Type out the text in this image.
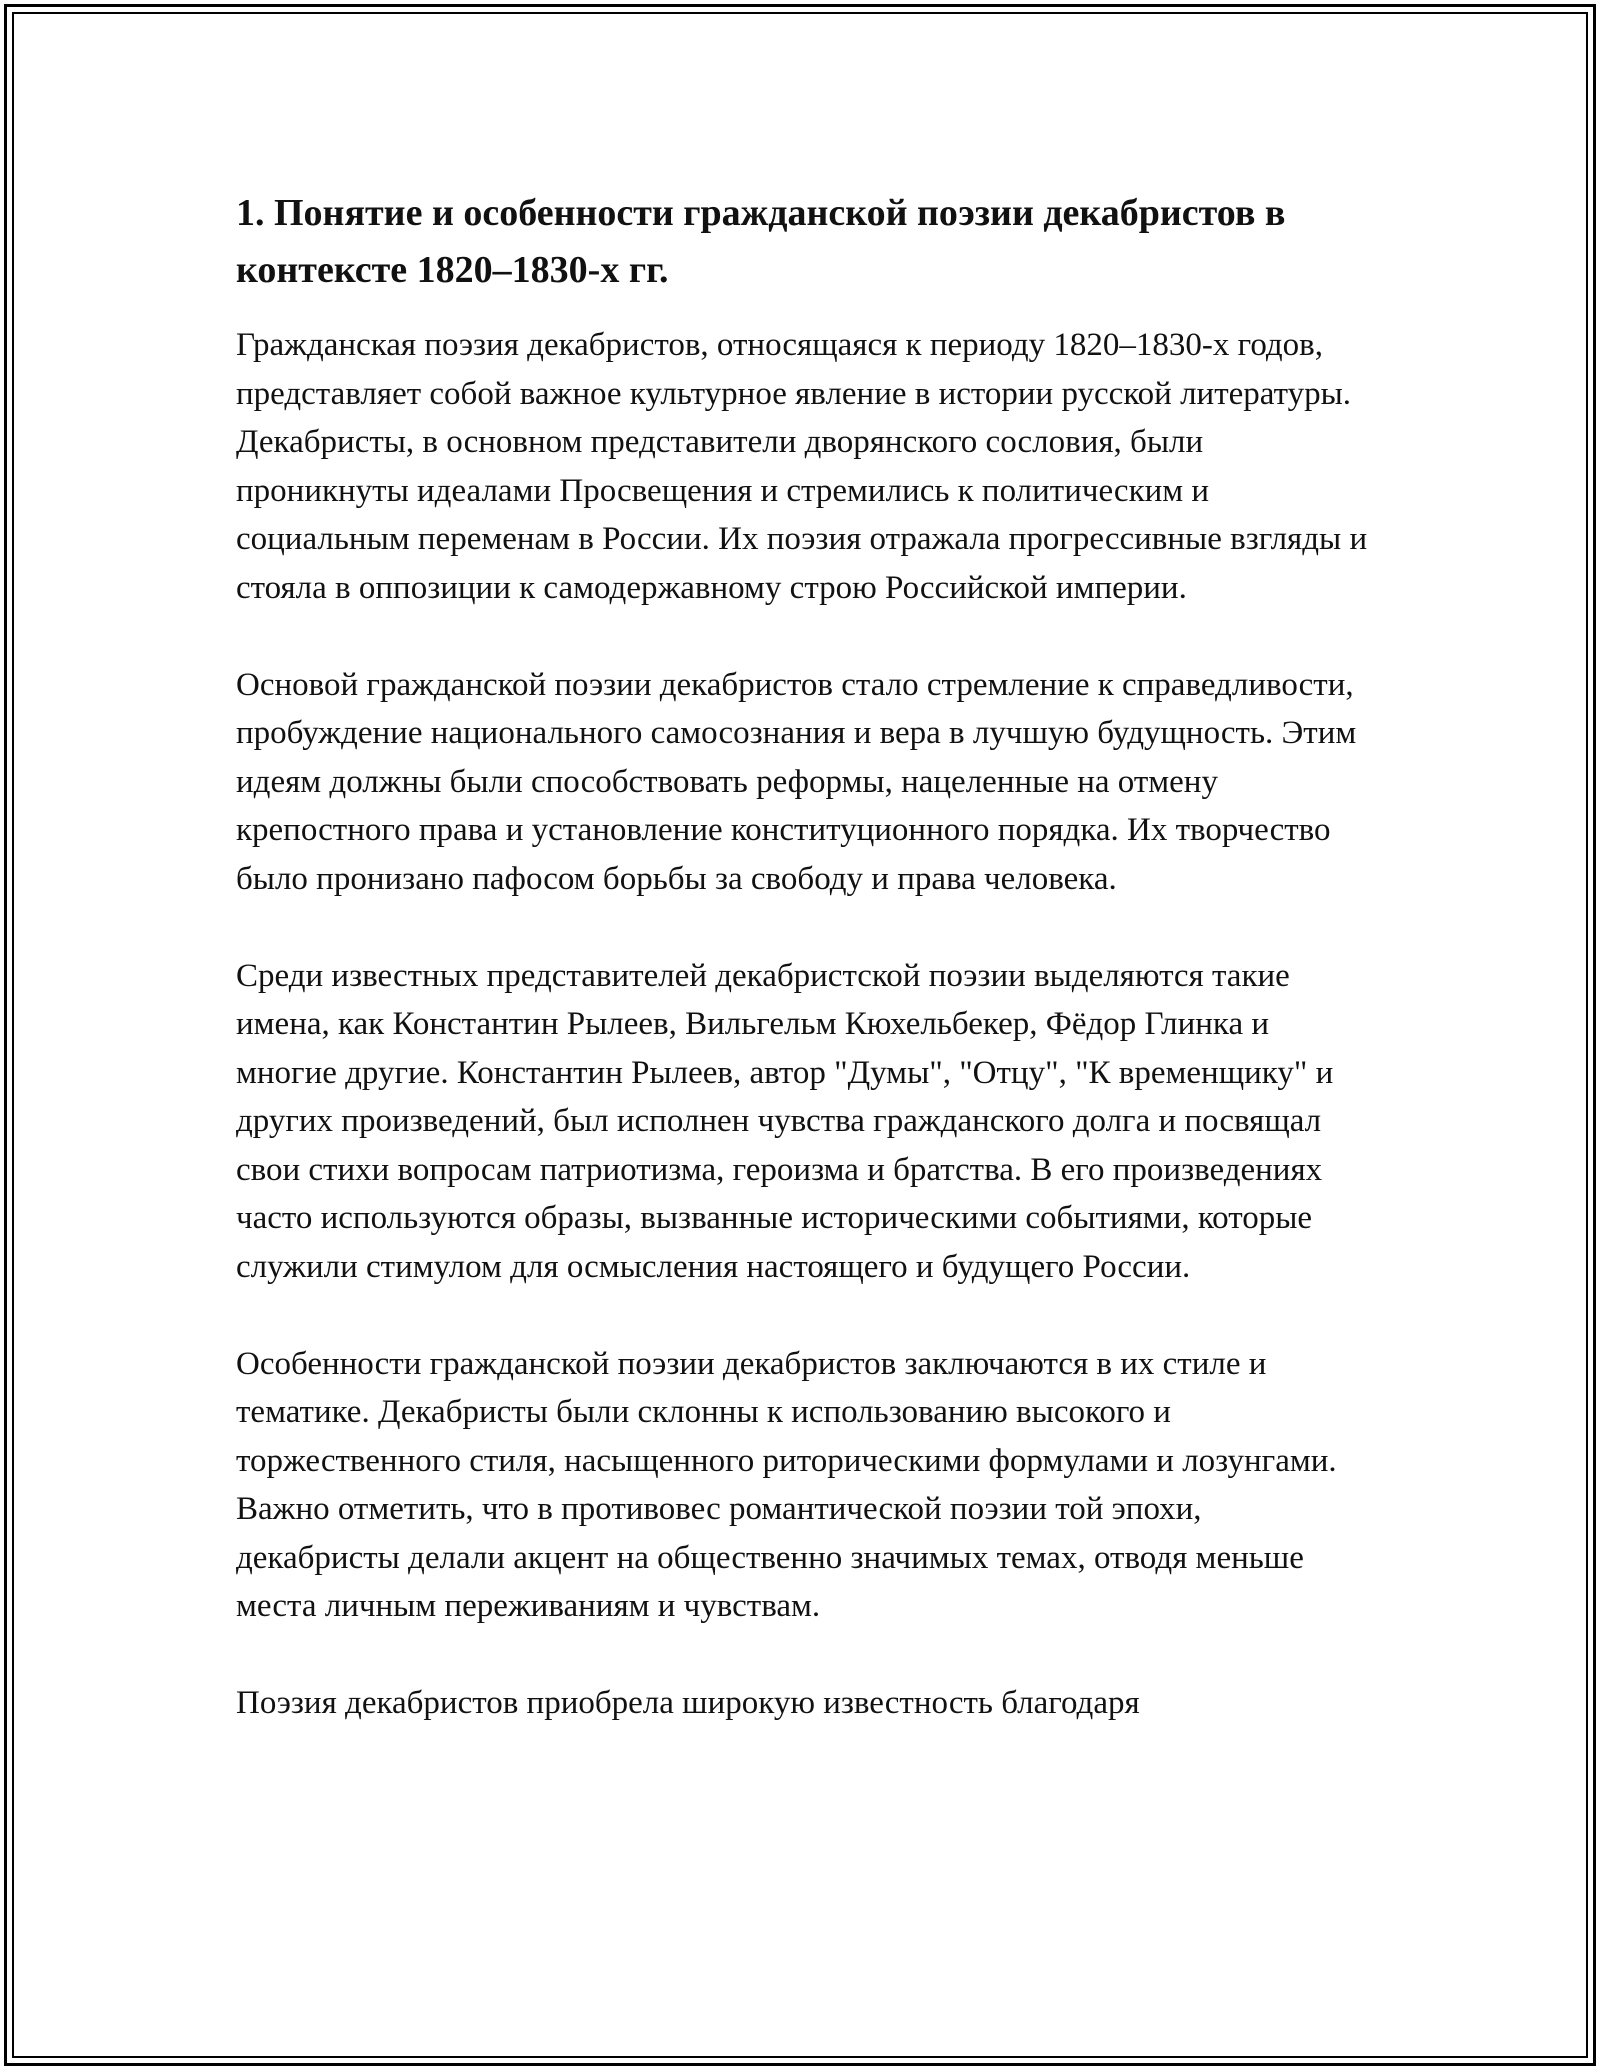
1. Понятие и особенности гражданской поэзии декабристов в контексте 1820–1830-х гг.

Гражданская поэзия декабристов, относящаяся к периоду 1820–1830-х годов, представляет собой важное культурное явление в истории русской литературы. Декабристы, в основном представители дворянского сословия, были проникнуты идеалами Просвещения и стремились к политическим и социальным переменам в России. Их поэзия отражала прогрессивные взгляды и стояла в оппозиции к самодержавному строю Российской империи.

Основой гражданской поэзии декабристов стало стремление к справедливости, пробуждение национального самосознания и вера в лучшую будущность. Этим идеям должны были способствовать реформы, нацеленные на отмену крепостного права и установление конституционного порядка. Их творчество было пронизано пафосом борьбы за свободу и права человека.

Среди известных представителей декабристской поэзии выделяются такие имена, как Константин Рылеев, Вильгельм Кюхельбекер, Фёдор Глинка и многие другие. Константин Рылеев, автор "Думы", "Отцу", "К временщику" и других произведений, был исполнен чувства гражданского долга и посвящал свои стихи вопросам патриотизма, героизма и братства. В его произведениях часто используются образы, вызванные историческими событиями, которые служили стимулом для осмысления настоящего и будущего России.

Особенности гражданской поэзии декабристов заключаются в их стиле и тематике. Декабристы были склонны к использованию высокого и торжественного стиля, насыщенного риторическими формулами и лозунгами. Важно отметить, что в противовес романтической поэзии той эпохи, декабристы делали акцент на общественно значимых темах, отводя меньше места личным переживаниям и чувствам.

Поэзия декабристов приобрела широкую известность благодаря
